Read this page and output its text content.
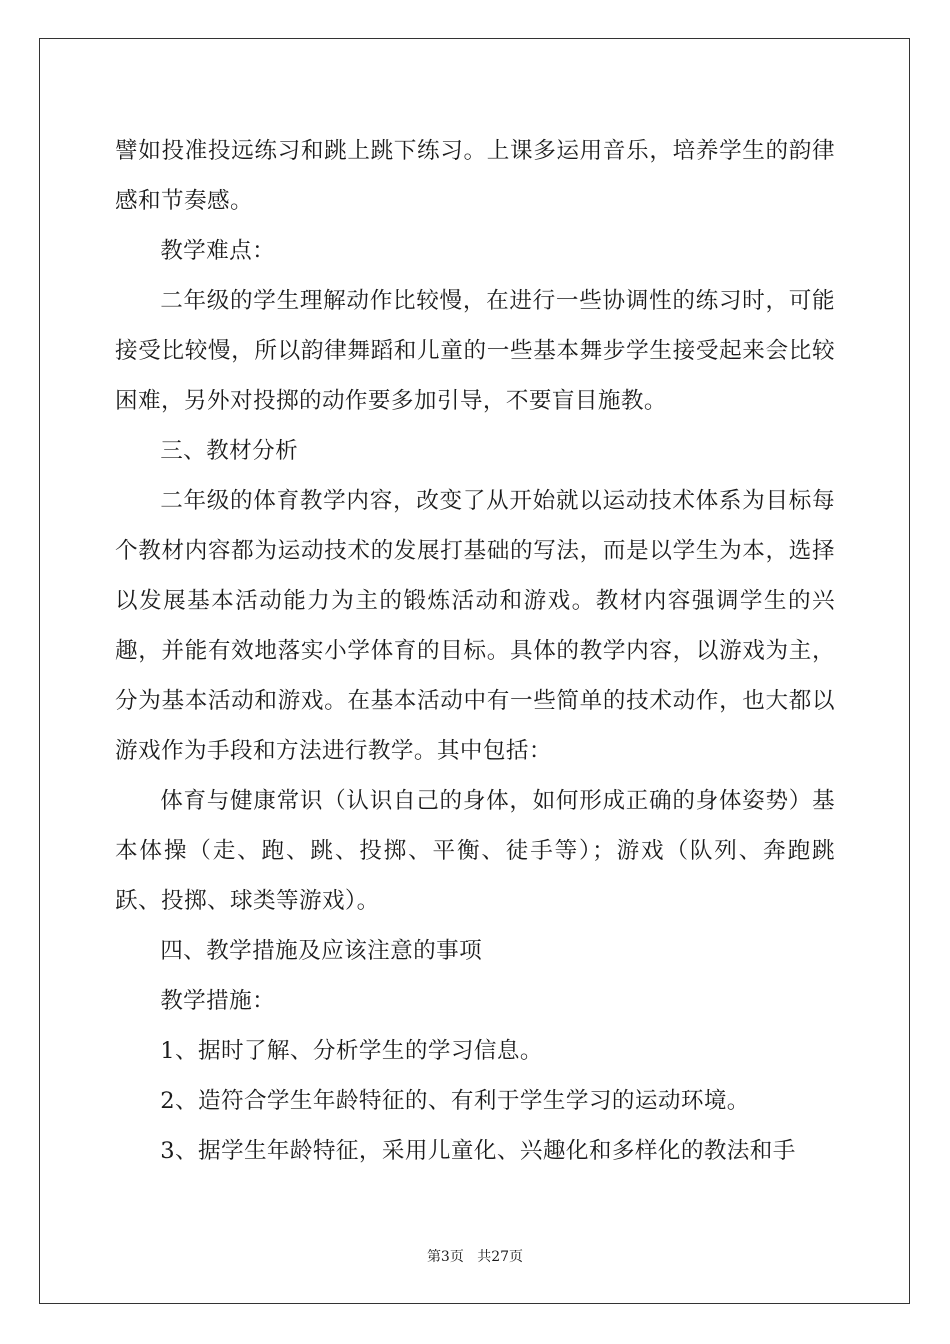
譬如投准投远练习和跳上跳下练习。上课多运用音乐，培养学生的韵律感和节奏感。

教学难点：

二年级的学生理解动作比较慢，在进行一些协调性的练习时，可能接受比较慢，所以韵律舞蹈和儿童的一些基本舞步学生接受起来会比较困难，另外对投掷的动作要多加引导，不要盲目施教。

三、教材分析

二年级的体育教学内容，改变了从开始就以运动技术体系为目标每个教材内容都为运动技术的发展打基础的写法，而是以学生为本，选择以发展基本活动能力为主的锻炼活动和游戏。教材内容强调学生的兴趣，并能有效地落实小学体育的目标。具体的教学内容，以游戏为主，分为基本活动和游戏。在基本活动中有一些简单的技术动作，也大都以游戏作为手段和方法进行教学。其中包括：

体育与健康常识（认识自己的身体，如何形成正确的身体姿势）基本体操（走、跑、跳、投掷、平衡、徒手等）；游戏（队列、奔跑跳跃、投掷、球类等游戏）。

四、教学措施及应该注意的事项

教学措施：

1、据时了解、分析学生的学习信息。

2、造符合学生年龄特征的、有利于学生学习的运动环境。

3、据学生年龄特征，采用儿童化、兴趣化和多样化的教法和手

第3页 共27页
